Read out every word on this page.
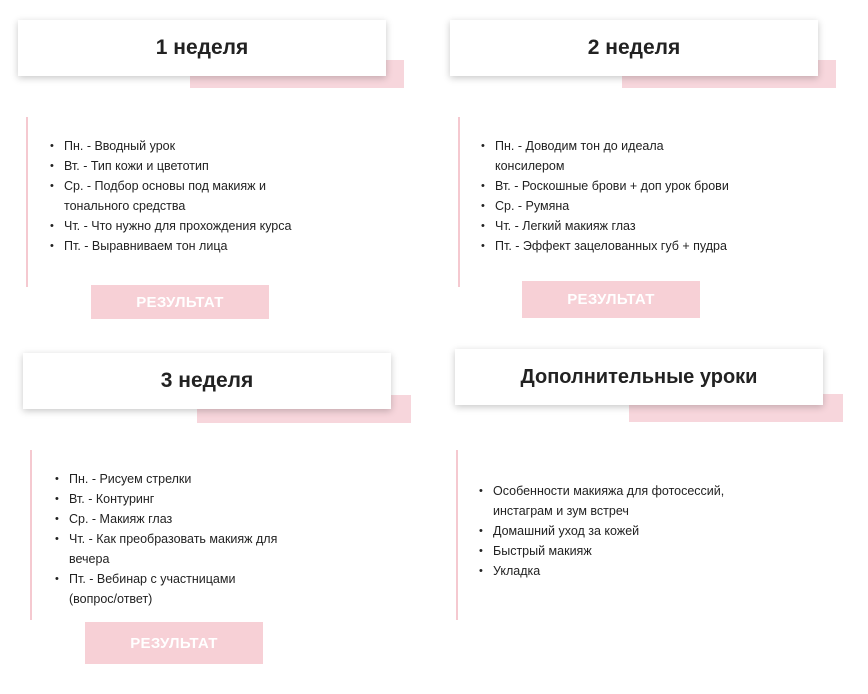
1 неделя
• Пн. - Вводный урок
• Вт. - Тип кожи и цветотип
• Ср. - Подбор основы под макияж и тонального средства
• Чт. - Что нужно для прохождения курса
• Пт. - Выравниваем тон лица
РЕЗУЛЬТАТ
2 неделя
• Пн. - Доводим тон до идеала консилером
• Вт. - Роскошные брови + доп урок брови
• Ср. - Румяна
• Чт. - Легкий макияж глаз
• Пт. - Эффект зацелованных губ + пудра
РЕЗУЛЬТАТ
3 неделя
• Пн. - Рисуем стрелки
• Вт. - Контуринг
• Ср. - Макияж глаз
• Чт. - Как преобразовать макияж для вечера
• Пт. - Вебинар с участницами (вопрос/ответ)
РЕЗУЛЬТАТ
Дополнительные уроки
• Особенности макияжа для фотосессий, инстаграм и зум встреч
• Домашний уход за кожей
• Быстрый макияж
• Укладка
